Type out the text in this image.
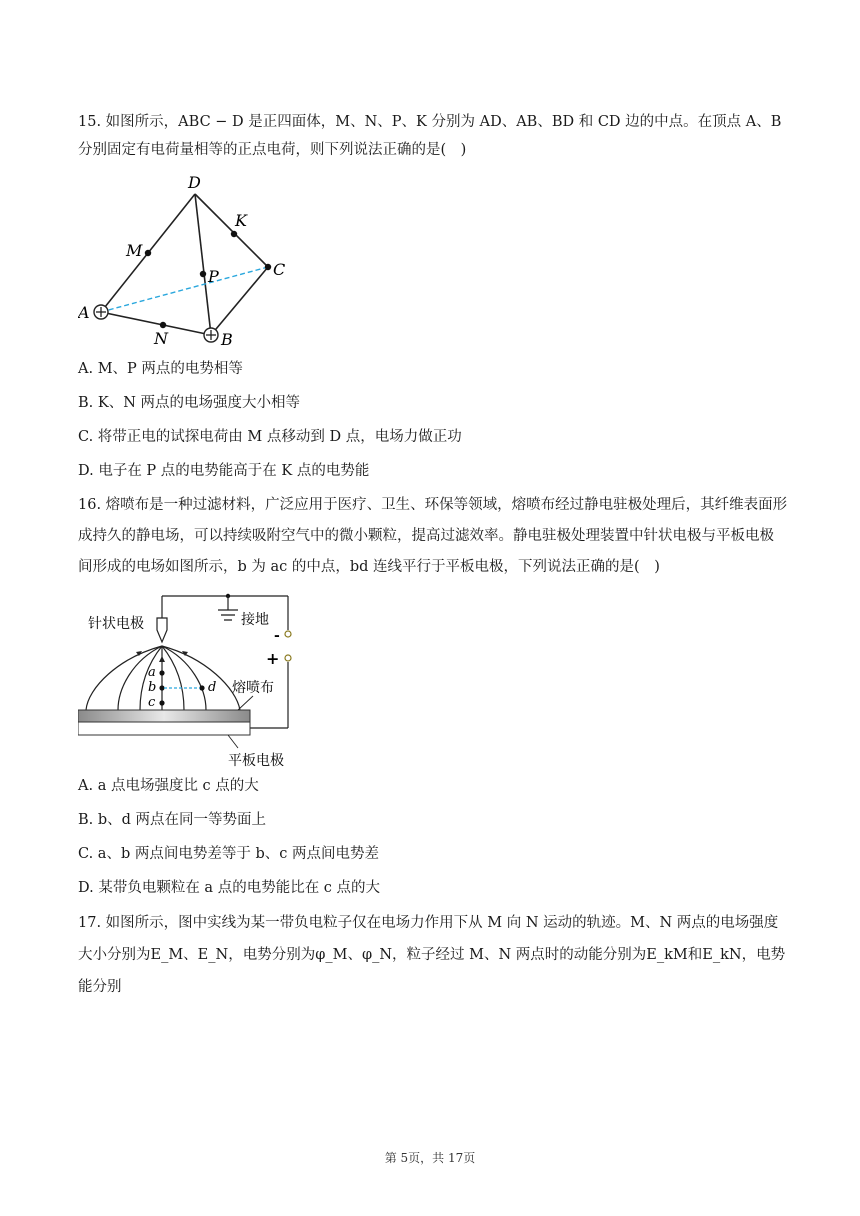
15. 如图所示，ABC − D 是正四面体，M、N、P、K 分别为 AD、AB、BD 和 CD 边的中点。在顶点 A、B 分别固定有电荷量相等的正点电荷，则下列说法正确的是(　)
D
K
M
P	C
A
N	B
A. M、P 两点的电势相等
B. K、N 两点的电场强度大小相等
C. 将带正电的试探电荷由 M 点移动到 D 点，电场力做正功
D. 电子在 P 点的电势能高于在 K 点的电势能
16. 熔喷布是一种过滤材料，广泛应用于医疗、卫生、环保等领域，熔喷布经过静电驻极处理后，其纤维表面形成持久的静电场，可以持续吸附空气中的微小颗粒，提高过滤效率。静电驻极处理装置中针状电极与平板电极间形成的电场如图所示，b 为 ac 的中点，bd 连线平行于平板电极，下列说法正确的是(　)
接地
-
+
针状电极
a
b
c
d 熔喷布
平板电极
A. a 点电场强度比 c 点的大
B. b、d 两点在同一等势面上
C. a、b 两点间电势差等于 b、c 两点间电势差
D. 某带负电颗粒在 a 点的电势能比在 c 点的大
17. 如图所示，图中实线为某一带负电粒子仅在电场力作用下从 M 向 N 运动的轨迹。M、N 两点的电场强度大小分别为E_M、E_N，电势分别为φ_M、φ_N，粒子经过 M、N 两点时的动能分别为E_kM和E_kN，电势能分别
第 5页，共 17页
